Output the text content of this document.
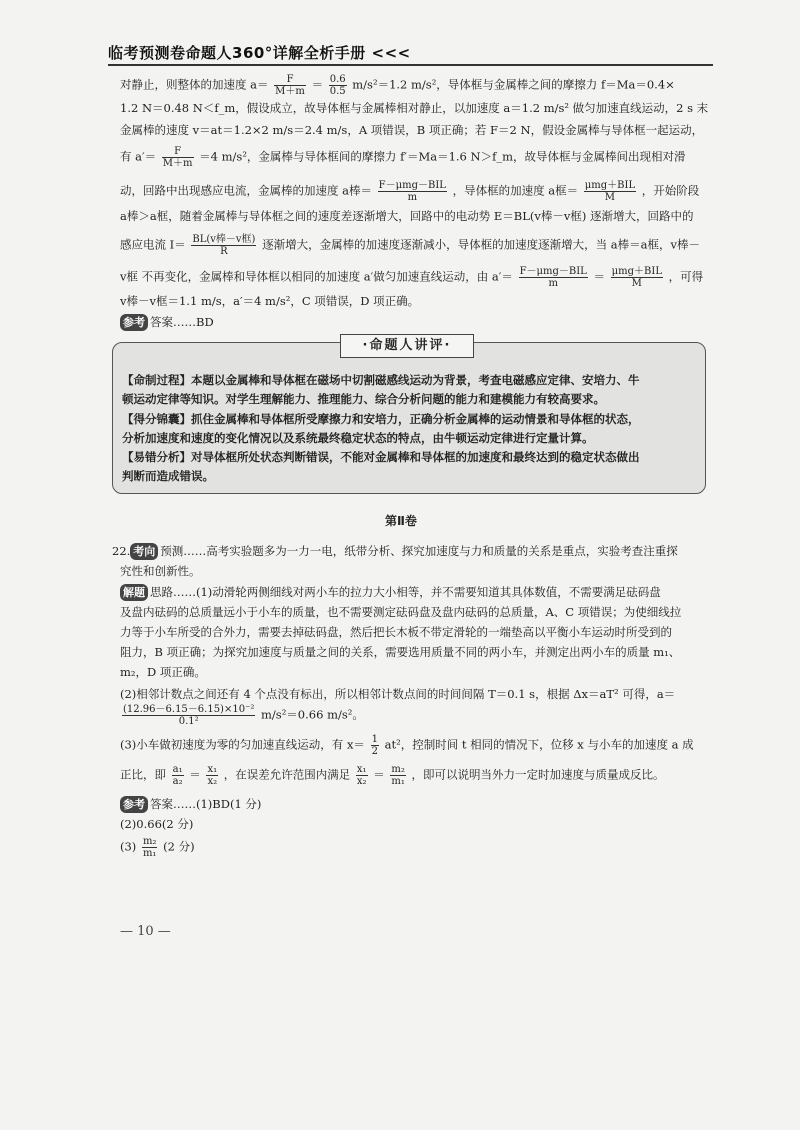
临考预测卷命题人360°详解全析手册 <<<
对静止，则整体的加速度 $a= \frac{F}{M+m} = \frac{0.6}{0.5} m/s^2=1.2$ m/s²，导体框与金属棒之间的摩擦力 f＝Ma＝0.4×
1.2 N＝0.48 N＜f_m，假设成立，故导体框与金属棒相对静止，以加速度 a＝1.2 m/s² 做匀加速直线运动，2 s 末
金属棒的速度 v＝at＝1.2×2 m/s＝2.4 m/s，A 项错误，B 项正确；若 F＝2 N，假设金属棒与导体框一起运动，
有 $a'= \frac{F}{M+m} =4$ m/s²，金属棒与导体框间的摩擦力 f′＝Ma＝1.6 N＞f_m，故导体框与金属棒间出现相对滑
动，回路中出现感应电流，金属棒的加速度 a棒＝ $\frac{\text{F－μmg－BIL}}{m}$ ，导体框的加速度 a框＝ $\frac{\text{μmg＋BIL}}{M}$ ，开始阶段
a棒＞a框，随着金属棒与导体框之间的速度差逐渐增大，回路中的电动势 E＝BL(v棒－v框) 逐渐增大，回路中的
感应电流 $I= \frac{\text{BL(v棒－v框)}}{R}$ 逐渐增大，金属棒的加速度逐渐减小，导体框的加速度逐渐增大，当 a棒＝a框，v棒－
v框 不再变化，金属棒和导体框以相同的加速度 a′做匀加速直线运动，由 $a'= \frac{\text{F－μmg－BIL}}{m} = \frac{\text{μmg＋BIL}}{M}$ ，可得
v棒－v框＝1.1 m/s，a′＝4 m/s²，C 项错误，D 项正确。
参考 答案……BD
·命题人讲评·
【命制过程】本题以金属棒和导体框在磁场中切割磁感线运动为背景，考查电磁感应定律、安培力、牛
顿运动定律等知识。对学生理解能力、推理能力、综合分析问题的能力和建模能力有较高要求。
【得分锦囊】抓住金属棒和导体框所受摩擦力和安培力，正确分析金属棒的运动情景和导体框的状态，
分析加速度和速度的变化情况以及系统最终稳定状态的特点，由牛顿运动定律进行定量计算。
【易错分析】对导体框所处状态判断错误，不能对金属棒和导体框的加速度和最终达到的稳定状态做出
判断而造成错误。
第Ⅱ卷
22. 考向 预测……高考实验题多为一力一电，纸带分析、探究加速度与力和质量的关系是重点，实验考查注重探
究性和创新性。
解题 思路……(1)动滑轮两侧细线对两小车的拉力大小相等，并不需要知道其具体数值，不需要满足砝码盘
及盘内砝码的总质量远小于小车的质量，也不需要测定砝码盘及盘内砝码的总质量，A、C 项错误；为使细线拉
力等于小车所受的合外力，需要去掉砝码盘，然后把长木板不带定滑轮的一端垫高以平衡小车运动时所受到的
阻力，B 项正确；为探究加速度与质量之间的关系，需要选用质量不同的两小车，并测定出两小车的质量 m₁、
m₂，D 项正确。
(2)相邻计数点之间还有 4 个点没有标出，所以相邻计数点间的时间间隔 T＝0.1 s，根据 Δx＝aT² 可得，a＝
$\frac{\text{(12.96－6.15－6.15)×10⁻²}}{\text{0.1²}} m/s^2=0.66$ m/s²。
(3)小车做初速度为零的匀加速直线运动，有 $x= \frac{1}{2} at^2$，控制时间 t 相同的情况下，位移 x 与小车的加速度 a 成
正比，即 $\frac{\text{a₁}}{\text{a₂}} = \frac{\text{x₁}}{\text{x₂}}$ ，在误差允许范围内满足 $\frac{\text{x₁}}{\text{x₂}} = \frac{\text{m₂}}{\text{m₁}}$ ，即可以说明当外力一定时加速度与质量成反比。
参考 答案……(1)BD(1 分)
(2)0.66(2 分)
$(3) \frac{\text{m₂}}{\text{m₁}} (2$ 分)
— 10 —
